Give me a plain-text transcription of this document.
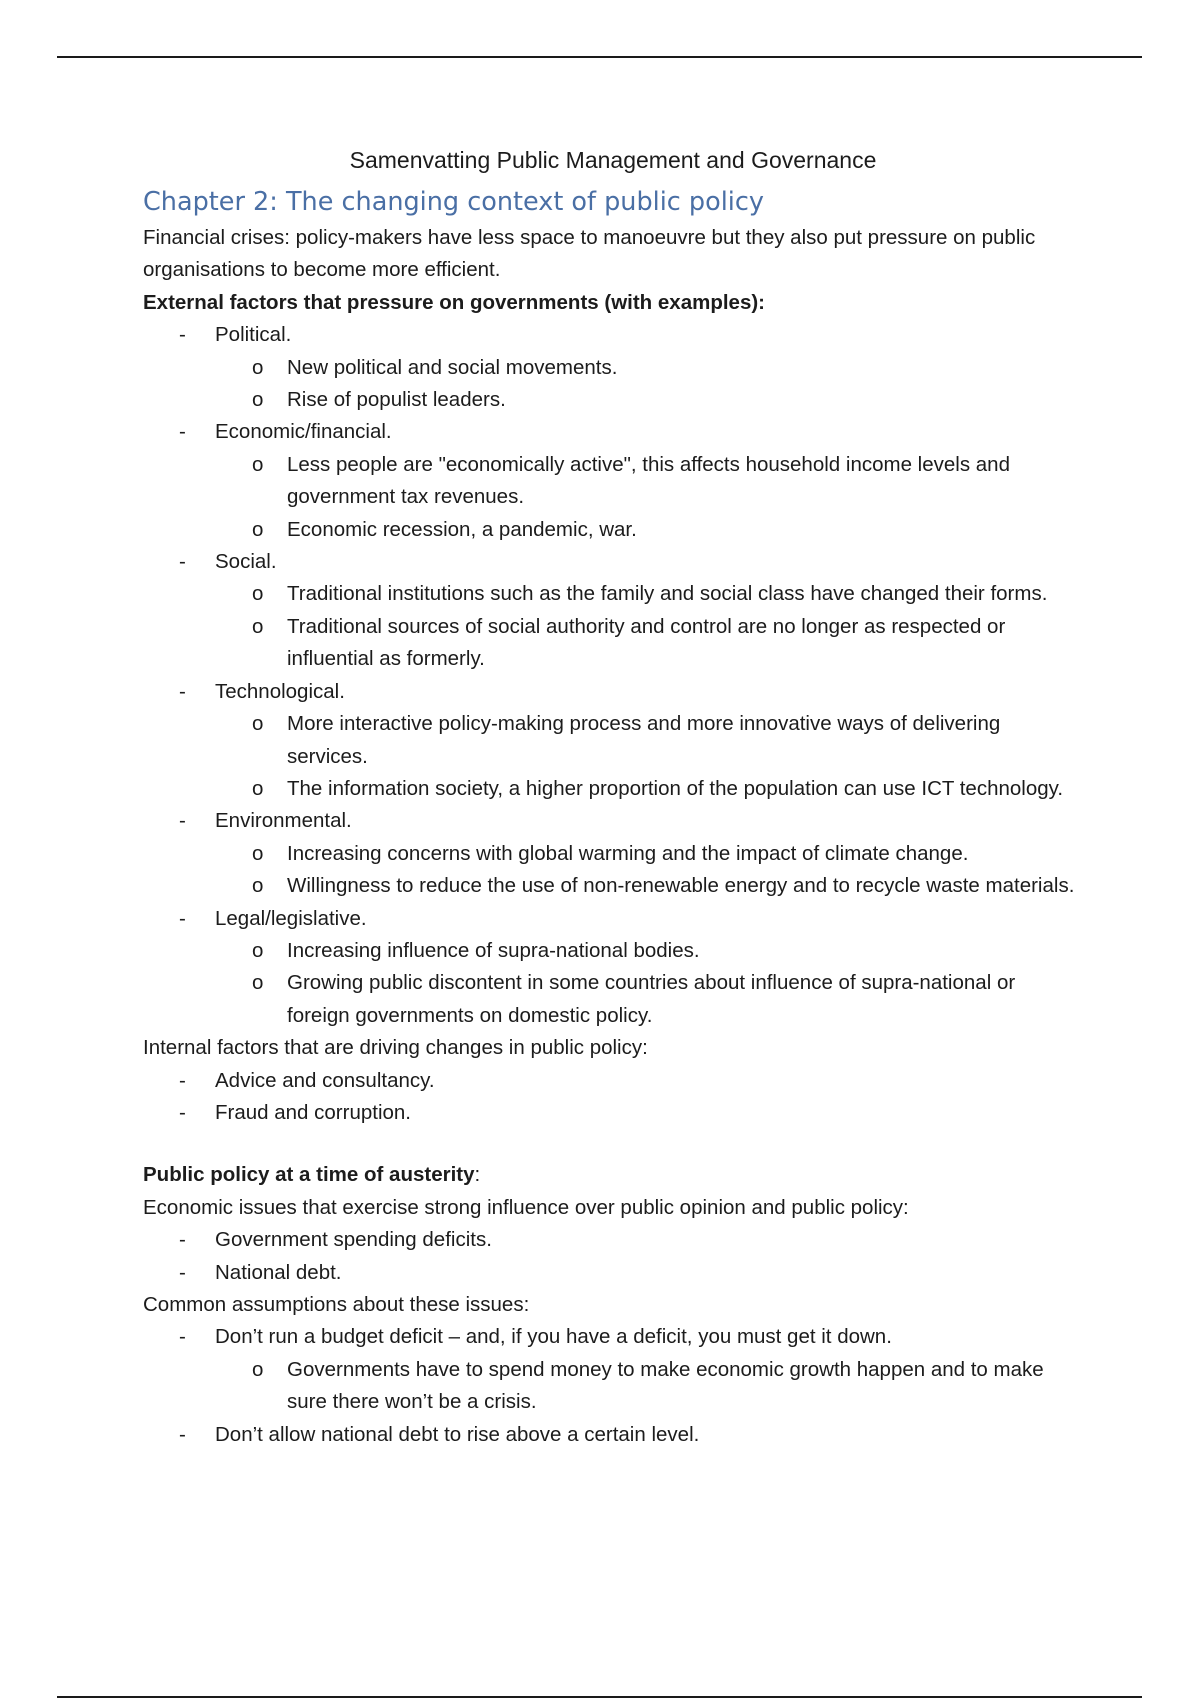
Samenvatting Public Management and Governance

Chapter 2: The changing context of public policy

Financial crises: policy-makers have less space to manoeuvre but they also put pressure on public organisations to become more efficient.

External factors that pressure on governments (with examples):

- Political.
o New political and social movements.
o Rise of populist leaders.
- Economic/financial.
o Less people are "economically active", this affects household income levels and government tax revenues.
o Economic recession, a pandemic, war.
- Social.
o Traditional institutions such as the family and social class have changed their forms.
o Traditional sources of social authority and control are no longer as respected or influential as formerly.
- Technological.
o More interactive policy-making process and more innovative ways of delivering services.
o The information society, a higher proportion of the population can use ICT technology.
- Environmental.
o Increasing concerns with global warming and the impact of climate change.
o Willingness to reduce the use of non-renewable energy and to recycle waste materials.
- Legal/legislative.
o Increasing influence of supra-national bodies.
o Growing public discontent in some countries about influence of supra-national or foreign governments on domestic policy.

Internal factors that are driving changes in public policy:

- Advice and consultancy.
- Fraud and corruption.

Public policy at a time of austerity:

Economic issues that exercise strong influence over public opinion and public policy:

- Government spending deficits.
- National debt.

Common assumptions about these issues:

- Don’t run a budget deficit – and, if you have a deficit, you must get it down.
o Governments have to spend money to make economic growth happen and to make sure there won’t be a crisis.
- Don’t allow national debt to rise above a certain level.
